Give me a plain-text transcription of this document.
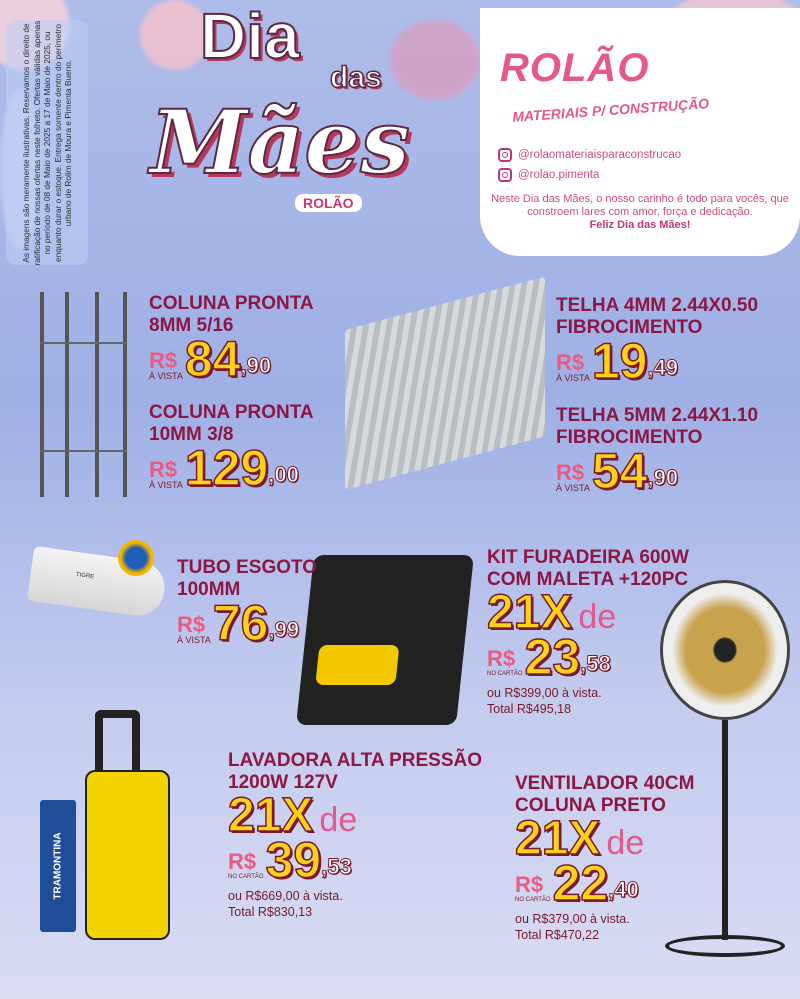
As imagens são meramente ilustrativas. Reservamos o direito de ratificação de nossas ofertas neste folheto. Ofertas válidas apenas no período de 08 de Maio de 2025 a 17 de Maio de 2025, ou enquanto durar o estoque. Entrega somente dentro do perímetro urbano de Rolim de Moura e Pimenta Bueno.

Dia
das
Mães
ROLÃO
ROLÃO
MATERIAIS P/ CONSTRUÇÃO
@rolaomateriaisparaconstrucao
@rolao.pimenta
Neste Dia das Mães, o nosso carinho é todo para vocês, que constroem lares com amor, força e dedicação.
Feliz Dia das Mães!
TIGRE
TRAMONTINA
COLUNA PRONTA 8MM 5/16
R$
À VISTA 84 ,90
COLUNA PRONTA 10MM 3/8
R$
À VISTA 129 ,00
TELHA 4MM 2.44X0.50 FIBROCIMENTO
R$
À VISTA 19 ,49
TELHA 5MM 2.44X1.10 FIBROCIMENTO
R$
À VISTA 54 ,90
TUBO ESGOTO 100MM
R$
À VISTA 76 ,99
KIT FURADEIRA 600W COM MALETA +120PC
21X de
R$
NO CARTÃO 23 ,58
ou R$399,00 à vista.
Total R$495,18
LAVADORA ALTA PRESSÃO 1200W 127V
21X de
R$
NO CARTÃO 39 ,53
ou R$669,00 à vista.
Total R$830,13
VENTILADOR 40CM COLUNA PRETO
21X de
R$
NO CARTÃO 22 ,40
ou R$379,00 à vista.
Total R$470,22
